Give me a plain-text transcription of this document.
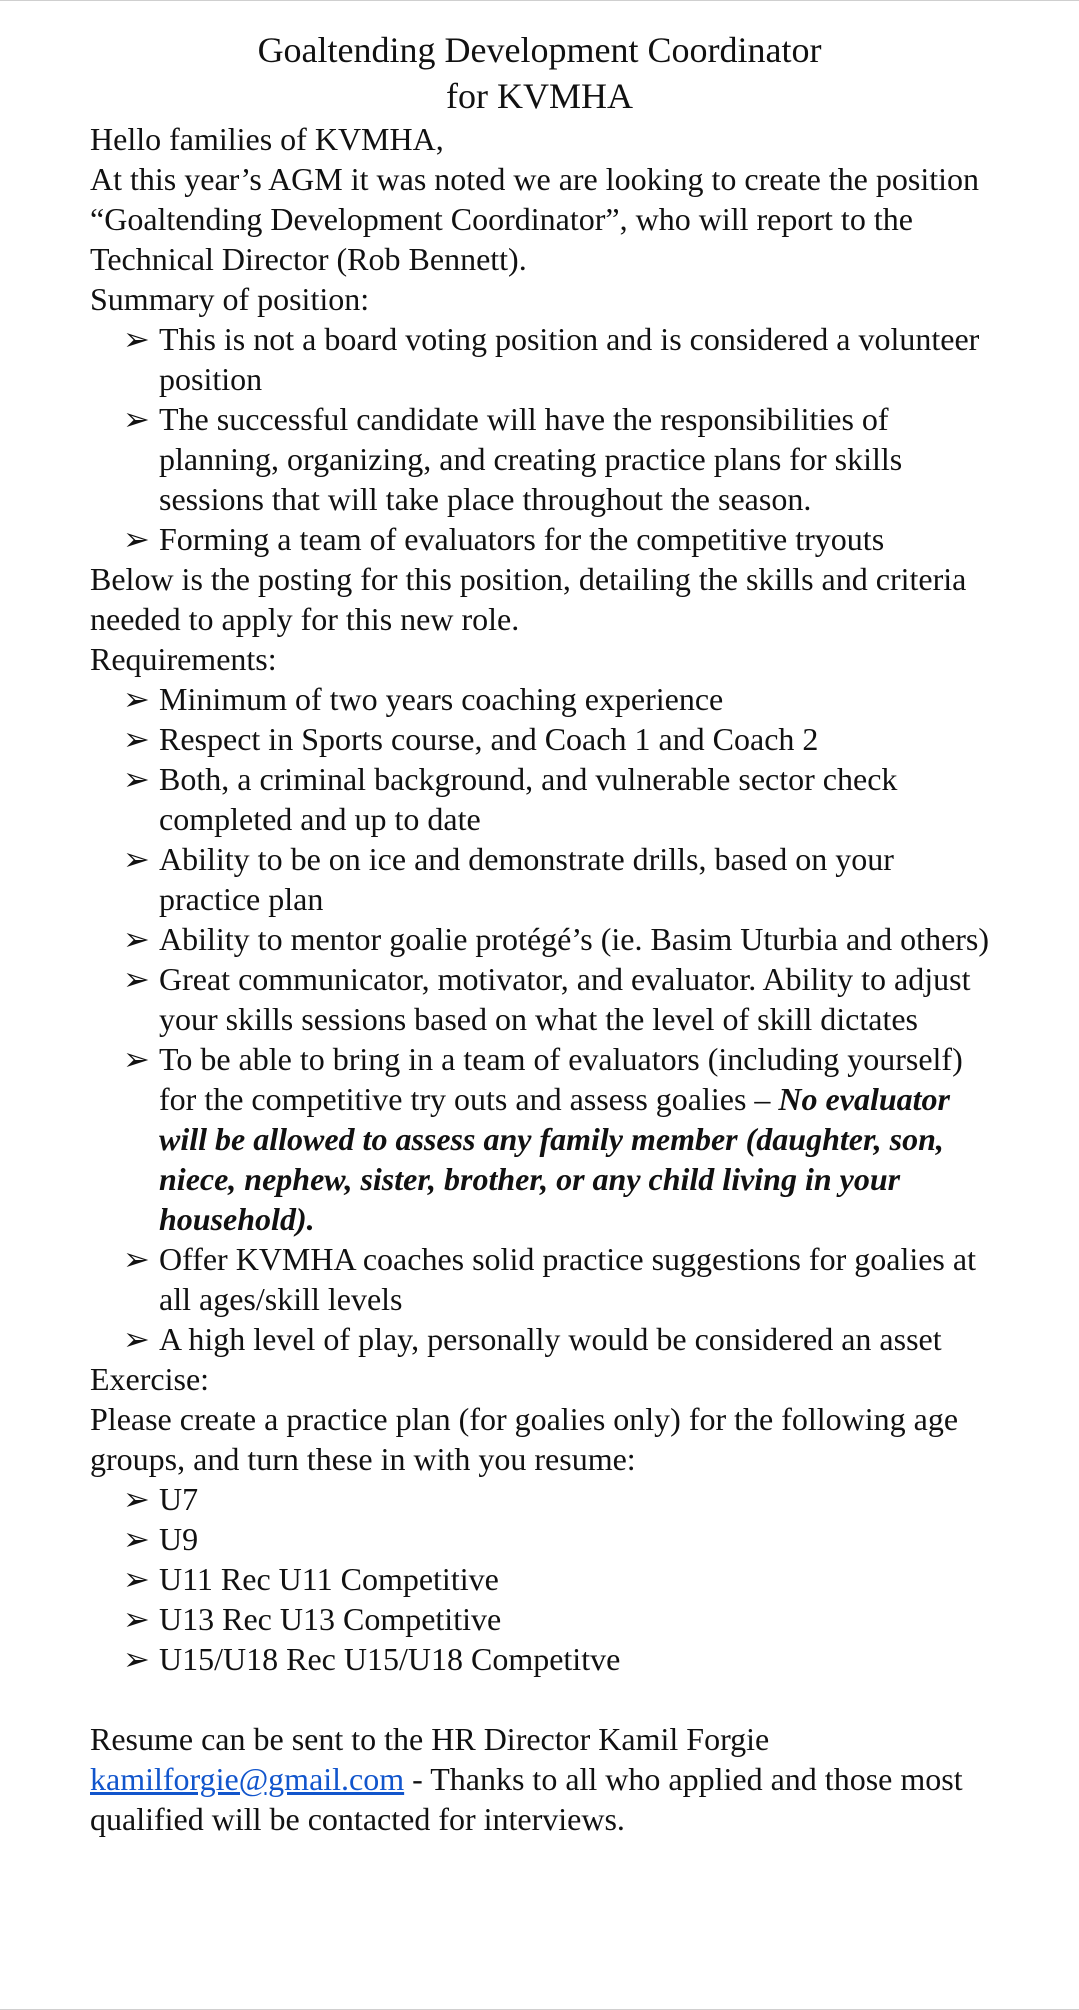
Goaltending Development Coordinator
for KVMHA

Hello families of KVMHA,

At this year’s AGM it was noted we are looking to create the position “Goaltending Development Coordinator”, who will report to the Technical Director (Rob Bennett).

Summary of position:

➢ This is not a board voting position and is considered a volunteer position
➢ The successful candidate will have the responsibilities of planning, organizing, and creating practice plans for skills sessions that will take place throughout the season.
➢ Forming a team of evaluators for the competitive tryouts

Below is the posting for this position, detailing the skills and criteria needed to apply for this new role.

Requirements:

➢ Minimum of two years coaching experience
➢ Respect in Sports course, and Coach 1 and Coach 2
➢ Both, a criminal background, and vulnerable sector check completed and up to date
➢ Ability to be on ice and demonstrate drills, based on your practice plan
➢ Ability to mentor goalie protégé’s (ie. Basim Uturbia and others)
➢ Great communicator, motivator, and evaluator. Ability to adjust your skills sessions based on what the level of skill dictates
➢ To be able to bring in a team of evaluators (including yourself) for the competitive try outs and assess goalies – No evaluator will be allowed to assess any family member (daughter, son, niece, nephew, sister, brother, or any child living in your household).
➢ Offer KVMHA coaches solid practice suggestions for goalies at all ages/skill levels
➢ A high level of play, personally would be considered an asset

Exercise:

Please create a practice plan (for goalies only) for the following age groups, and turn these in with you resume:

➢ U7
➢ U9
➢ U11 Rec U11 Competitive
➢ U13 Rec U13 Competitive
➢ U15/U18 Rec U15/U18 Competitve

Resume can be sent to the HR Director Kamil Forgie
kamilforgie@gmail.com - Thanks to all who applied and those most qualified will be contacted for interviews.
